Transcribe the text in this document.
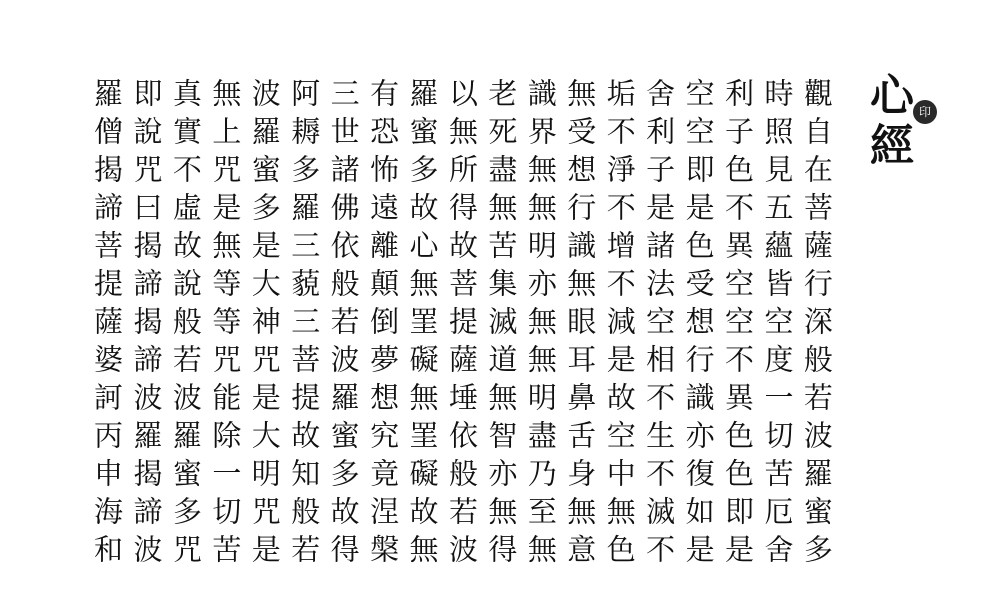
心經 印
觀自在菩薩行深般若波羅蜜多
時照見五蘊皆空度一切苦厄舍
利子色不異空空不異色色即是
空空即是色受想行識亦復如是
舍利子是諸法空相不生不滅不
垢不淨不增不減是故空中無色
無受想行識無眼耳鼻舌身無意
識界無無明亦無無明盡乃至無
老死盡無苦集滅道無智亦無得
以無所得故菩提薩埵依般若波
羅蜜多故心無罣礙無罣礙故無
有恐怖遠離顛倒夢想究竟涅槃
三世諸佛依般若波羅蜜多故得
阿耨多羅三藐三菩提故知般若
波羅蜜多是大神咒是大明咒是
無上咒是無等等咒能除一切苦
真實不虛故說般若波羅蜜多咒
即說咒曰揭諦揭諦波羅揭諦波
羅僧揭諦菩提薩婆訶丙申海和
